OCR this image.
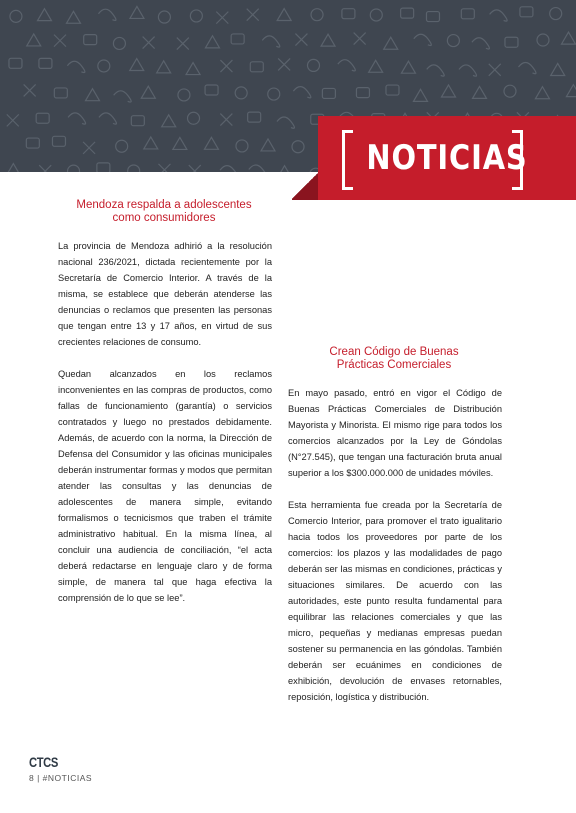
NOTICIAS
Mendoza respalda a adolescentes
como consumidores

La provincia de Mendoza adhirió a la resolución nacional 236/2021, dictada recientemente por la Secretaría de Comercio Interior. A través de la misma, se establece que deberán atenderse las denuncias o reclamos que presenten las personas que tengan entre 13 y 17 años, en virtud de sus crecientes relaciones de consumo.

Quedan alcanzados en los reclamos inconvenientes en las compras de productos, como fallas de funcionamiento (garantía) o servicios contratados y luego no prestados debidamente. Además, de acuerdo con la norma, la Dirección de Defensa del Consumidor y las oficinas municipales deberán instrumentar formas y modos que permitan atender las consultas y las denuncias de adolescentes de manera simple, evitando formalismos o tecnicismos que traben el trámite administrativo habitual. En la misma línea, al concluir una audiencia de conciliación, “el acta deberá redactarse en lenguaje claro y de forma simple, de manera tal que haga efectiva la comprensión de lo que se lee”.

Crean Código de Buenas
Prácticas Comerciales

En mayo pasado, entró en vigor el Código de Buenas Prácticas Comerciales de Distribución Mayorista y Minorista. El mismo rige para todos los comercios alcanzados por la Ley de Góndolas (N°27.545), que tengan una facturación bruta anual superior a los $300.000.000 de unidades móviles.

Esta herramienta fue creada por la Secretaría de Comercio Interior, para promover el trato igualitario hacia todos los proveedores por parte de los comercios: los plazos y las modalidades de pago deberán ser las mismas en condiciones, prácticas y situaciones similares. De acuerdo con las autoridades, este punto resulta fundamental para equilibrar las relaciones comerciales y que las micro, pequeñas y medianas empresas puedan sostener su permanencia en las góndolas. También deberán ser ecuánimes en condiciones de exhibición, devolución de envases retornables, reposición, logística y distribución.

CTCS
8 | #NOTICIAS
